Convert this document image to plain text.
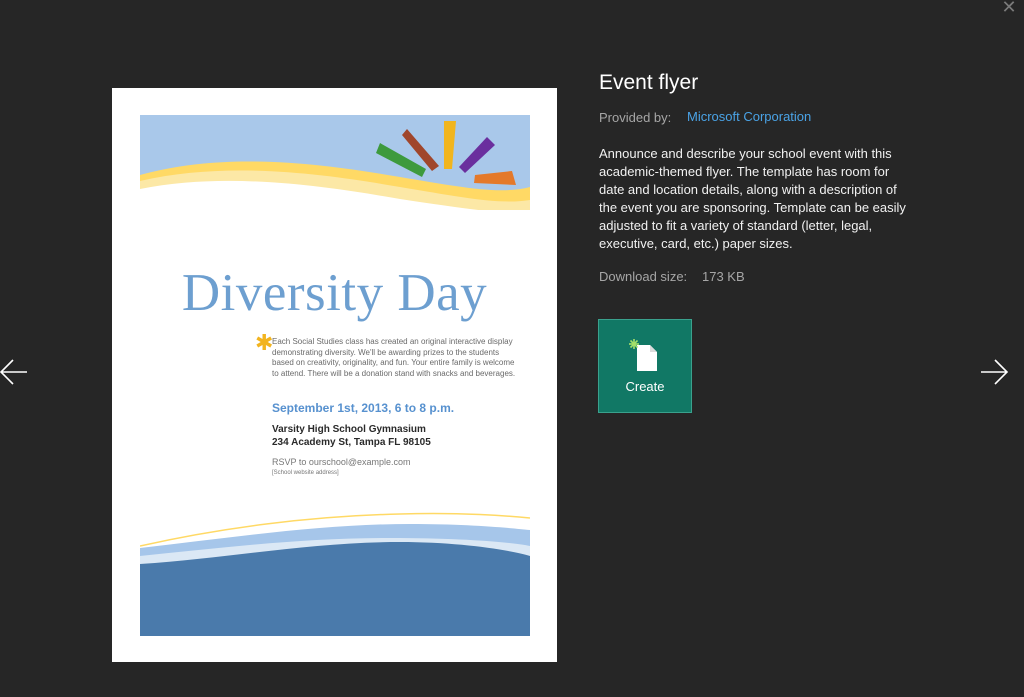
✕
Diversity Day
✱
Each Social Studies class has created an original interactive display demonstrating diversity. We'll be awarding prizes to the students based on creativity, originality, and fun. Your entire family is welcome to attend. There will be a donation stand with snacks and beverages.
September 1st, 2013, 6 to 8 p.m.
Varsity High School Gymnasium
234 Academy St, Tampa FL 98105
RSVP to ourschool@example.com
[School website address]
Event flyer
Provided by: Microsoft Corporation

Announce and describe your school event with this academic-themed flyer. The template has room for date and location details, along with a description of the event you are sponsoring. Template can be easily adjusted to fit a variety of standard (letter, legal, executive, card, etc.) paper sizes.

Download size: 173 KB
Create
